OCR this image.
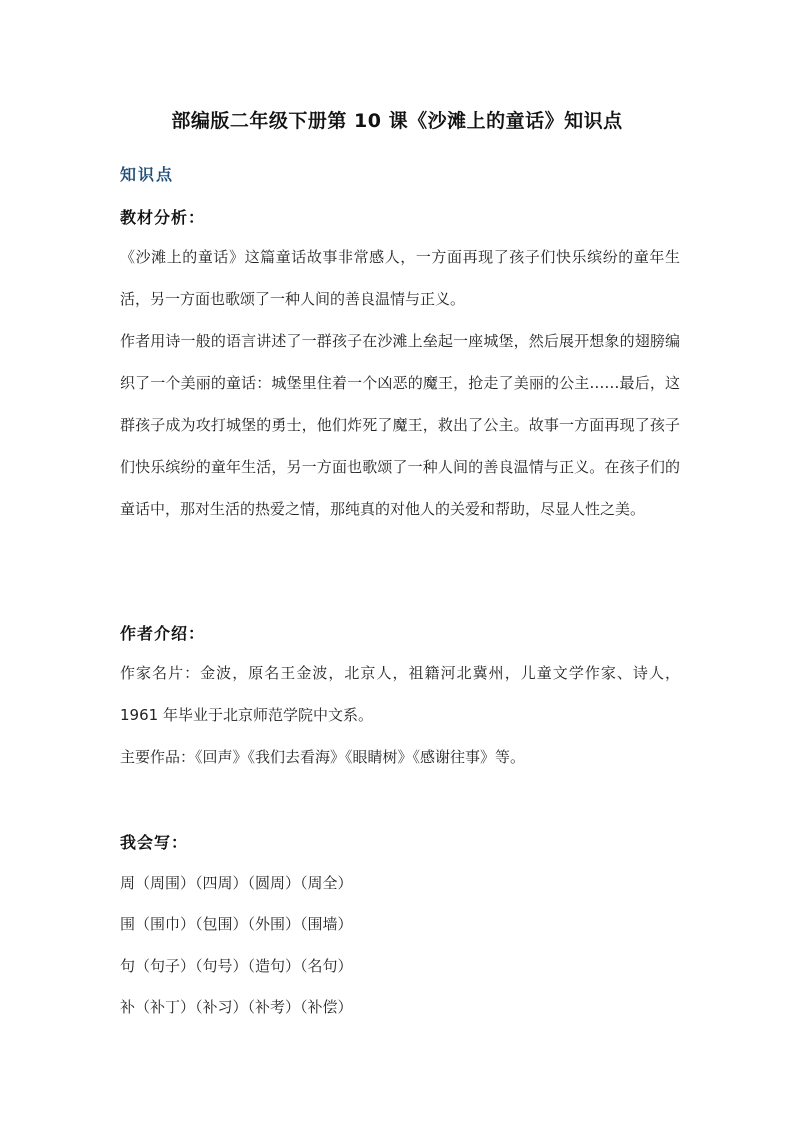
部编版二年级下册第 10 课《沙滩上的童话》知识点
知识点
教材分析：
《沙滩上的童话》这篇童话故事非常感人，一方面再现了孩子们快乐缤纷的童年生活，另一方面也歌颂了一种人间的善良温情与正义。
作者用诗一般的语言讲述了一群孩子在沙滩上垒起一座城堡，然后展开想象的翅膀编织了一个美丽的童话：城堡里住着一个凶恶的魔王，抢走了美丽的公主……最后，这群孩子成为攻打城堡的勇士，他们炸死了魔王，救出了公主。故事一方面再现了孩子们快乐缤纷的童年生活，另一方面也歌颂了一种人间的善良温情与正义。在孩子们的童话中，那对生活的热爱之情，那纯真的对他人的关爱和帮助，尽显人性之美。
作者介绍：
作家名片：金波，原名王金波，北京人，祖籍河北冀州，儿童文学作家、诗人，1961 年毕业于北京师范学院中文系。
主要作品：《回声》《我们去看海》《眼睛树》《感谢往事》等。
我会写：
周（周围）（四周）（圆周）（周全）
围（围巾）（包围）（外围）（围墙）
句（句子）（句号）（造句）（名句）
补（补丁）（补习）（补考）（补偿）
